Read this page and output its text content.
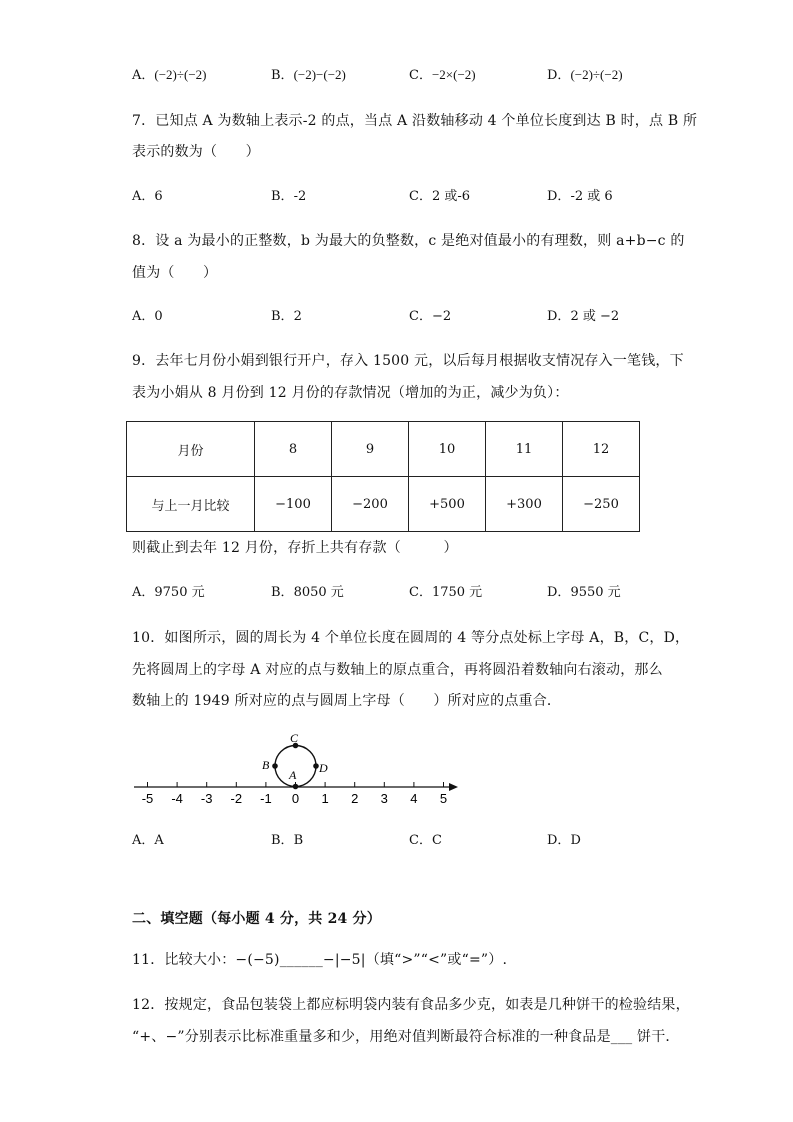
A．(−2)÷(−2)	B．(−2)−(−2)	C．−2×(−2)	D．(−2)÷(−2)
7．已知点 A 为数轴上表示-2 的点，当点 A 沿数轴移动 4 个单位长度到达 B 时，点 B 所
表示的数为（　　）
A．6	B．-2	C．2 或-6	D．-2 或 6
8．设 a 为最小的正整数，b 为最大的负整数，c 是绝对值最小的有理数，则 a+b−c 的
值为（　　）
A．0	B．2	C．−2	D．2 或 −2
9．去年七月份小娟到银行开户，存入 1500 元，以后每月根据收支情况存入一笔钱，下
表为小娟从 8 月份到 12 月份的存款情况（增加的为正，减少为负）：
月份	8	9	10	11	12
与上一月比较	−100	−200	+500	+300	−250
则截止到去年 12 月份，存折上共有存款（　　　）
A．9750 元	B．8050 元	C．1750 元	D．9550 元
10．如图所示，圆的周长为 4 个单位长度在圆周的 4 等分点处标上字母 A，B，C，D，
先将圆周上的字母 A 对应的点与数轴上的原点重合，再将圆沿着数轴向右滚动，那么
数轴上的 1949 所对应的点与圆周上字母（　　）所对应的点重合．
A
B
C
D
-5 -4 -3 -2 -1 0 1 2 3 4 5
A．A	B．B	C．C	D．D
二、填空题（每小题 4 分，共 24 分）
11．比较大小：−(−5)______−|−5|（填“>”“<”或“=”）.
12．按规定，食品包装袋上都应标明袋内装有食品多少克，如表是几种饼干的检验结果，
“+、−”分别表示比标准重量多和少，用绝对值判断最符合标准的一种食品是___ 饼干．
